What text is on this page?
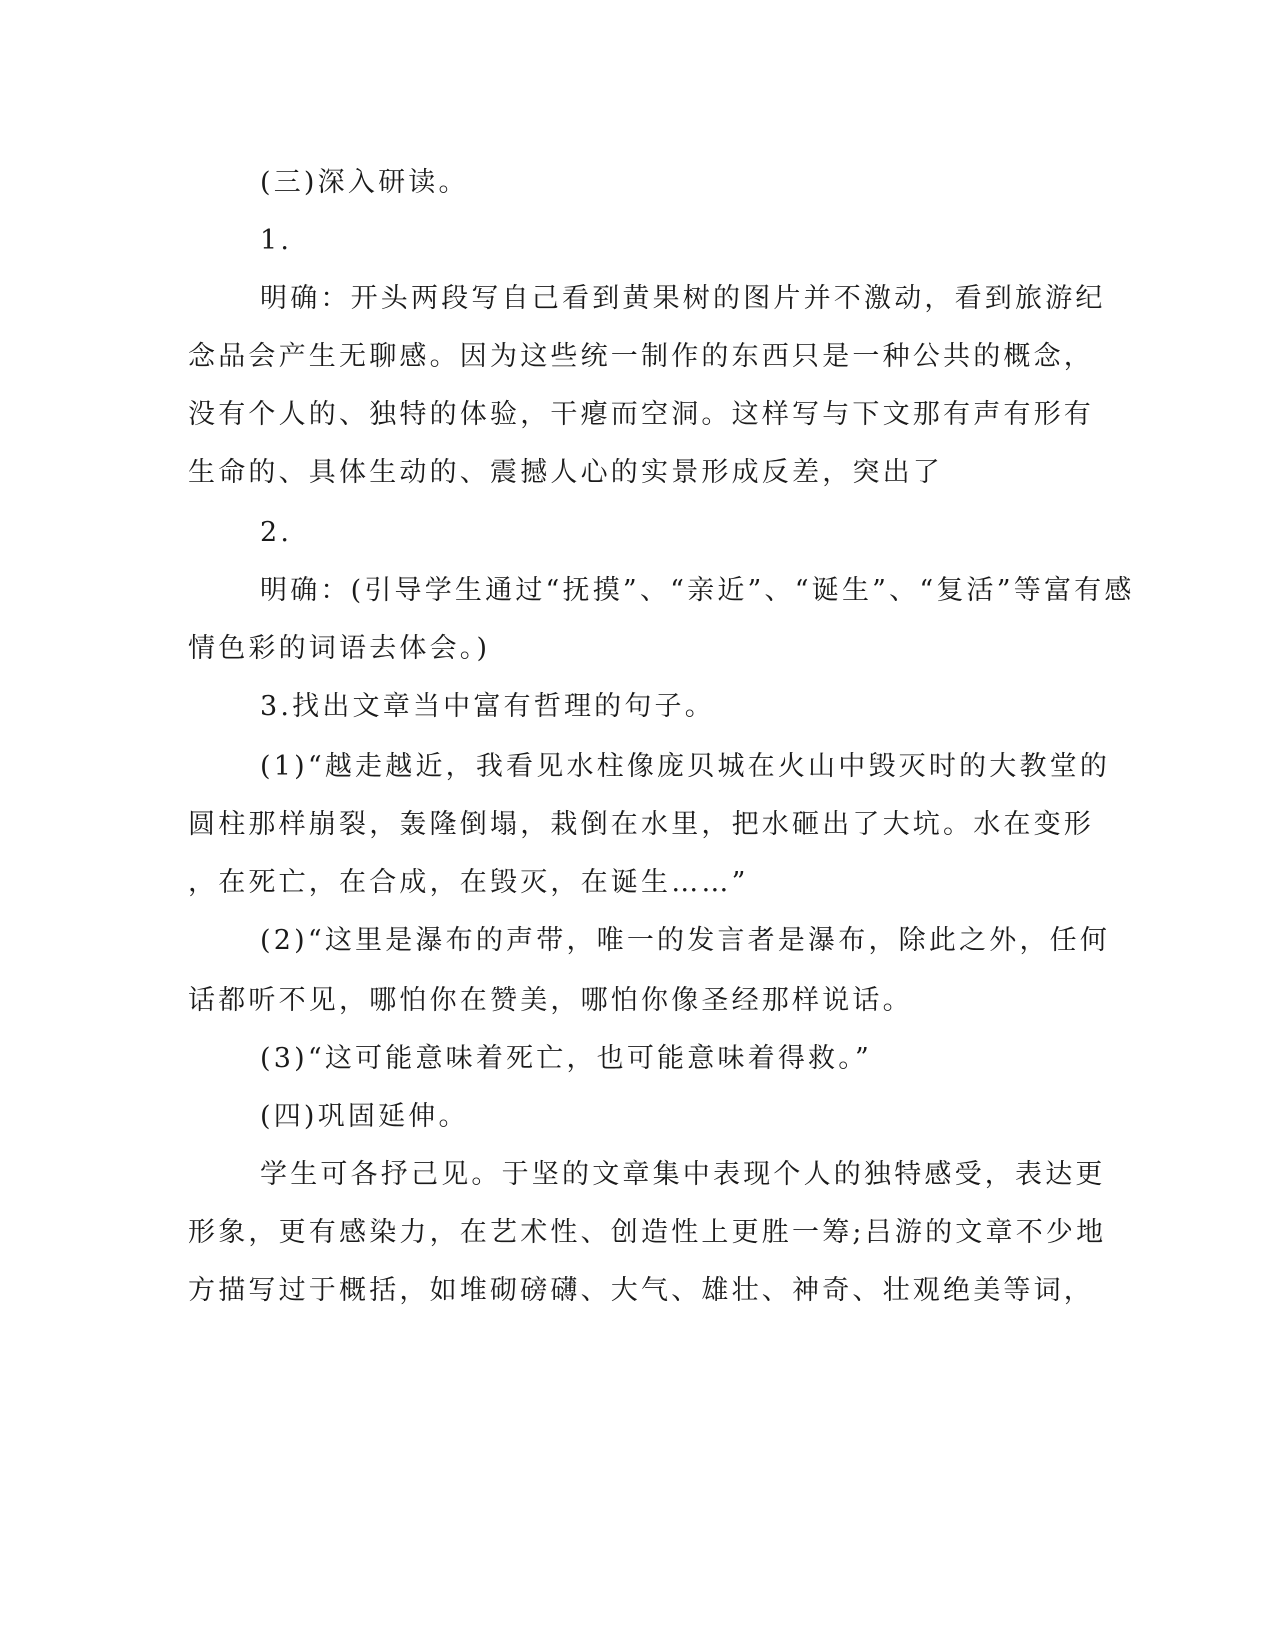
(三)深入研读。
1.
明确：开头两段写自己看到黄果树的图片并不激动，看到旅游纪
念品会产生无聊感。因为这些统一制作的东西只是一种公共的概念，
没有个人的、独特的体验，干瘪而空洞。这样写与下文那有声有形有
生命的、具体生动的、震撼人心的实景形成反差，突出了
2.
明确：(引导学生通过“抚摸”、“亲近”、“诞生”、“复活”等富有感
情色彩的词语去体会。)
3.找出文章当中富有哲理的句子。
(1)“越走越近，我看见水柱像庞贝城在火山中毁灭时的大教堂的
圆柱那样崩裂，轰隆倒塌，栽倒在水里，把水砸出了大坑。水在变形
，在死亡，在合成，在毁灭，在诞生……”
(2)“这里是瀑布的声带，唯一的发言者是瀑布，除此之外，任何
话都听不见，哪怕你在赞美，哪怕你像圣经那样说话。
(3)“这可能意味着死亡，也可能意味着得救。”
(四)巩固延伸。
学生可各抒己见。于坚的文章集中表现个人的独特感受，表达更
形象，更有感染力，在艺术性、创造性上更胜一筹;吕游的文章不少地
方描写过于概括，如堆砌磅礴、大气、雄壮、神奇、壮观绝美等词，
